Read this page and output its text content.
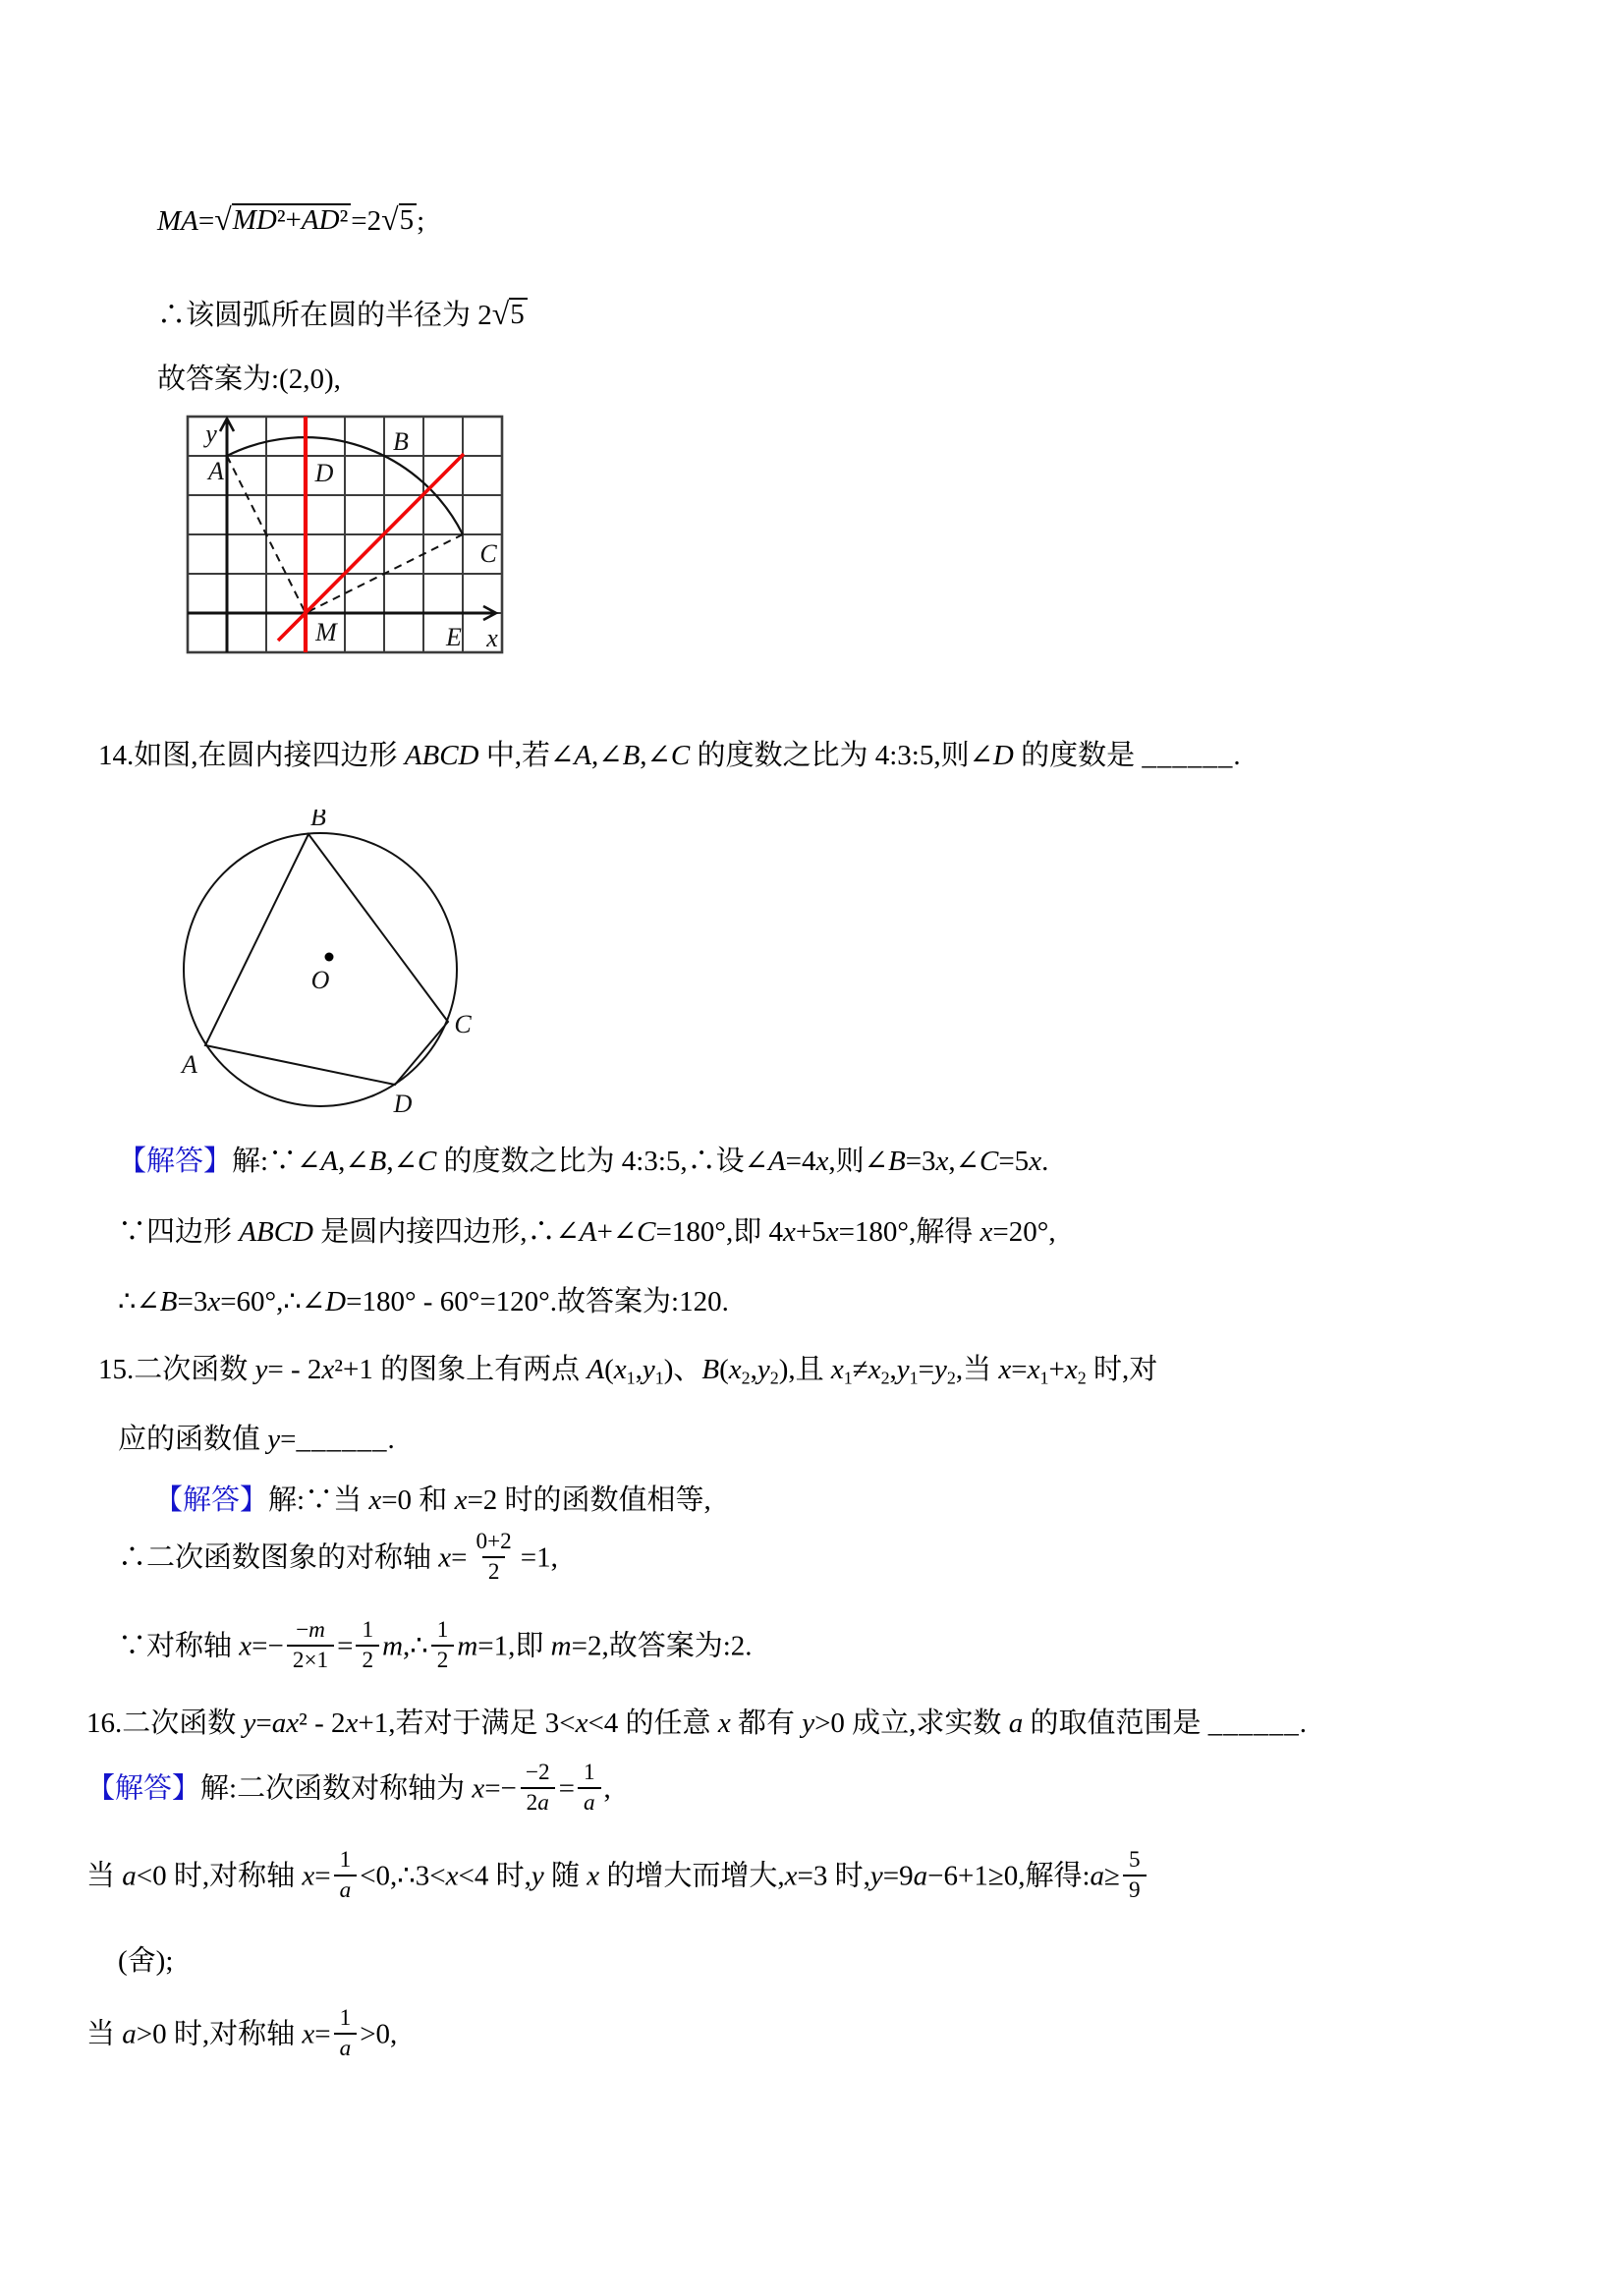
MA= √ MD²+AD² =2 √ 5 ;
∴该圆弧所在圆的半径为 2 √ 5
故答案为:(2,0),
y
x
A
B
C
D
M	E
14.如图,在圆内接四边形 ABCD 中,若∠A,∠B,∠C 的度数之比为 4:3:5,则∠D 的度数是 ______.
O
A
B
C
D
【解答】解:∵∠A,∠B,∠C 的度数之比为 4:3:5,∴设∠A=4x,则∠B=3x,∠C=5x.
∵四边形 ABCD 是圆内接四边形,∴∠A+∠C=180°,即 4x+5x=180°,解得 x=20°,
∴∠B=3x=60°,∴∠D=180° - 60°=120°.故答案为:120.
15.二次函数 y= - 2x²+1 的图象上有两点 $A(x_1,y_1)$、$B(x_2,y_2)$,且 $x_1\ne x_2,y_1=y_2$,当 $x=x_1+x_2$ 时,对
应的函数值 y=______.
【解答】解:∵当 x=0 和 x=2 时的函数值相等,
∴二次函数图象的对称轴 $x= \frac{0+2}{2} =1$,
∵对称轴 $x=- \frac{-m}{2\times 1} = \frac{1}{2}$ m,∴ $\frac{1}{2} m=1$,即 m=2,故答案为:2.
16.二次函数 y=ax² - 2x+1,若对于满足 3<x<4 的任意 x 都有 y>0 成立,求实数 a 的取值范围是 ______.
【解答】解:二次函数对称轴为 $x=- \frac{-2}{2a} = \frac{1}{a}$ ,
当 a<0 时,对称轴 $x= \frac{1}{a}$ <0,∴3<x<4 时,y 随 x 的增大而增大,x=3 时,y=9a−6+1≥0,解得:a≥ $\frac{5}{9}$
(舍);
当 a>0 时,对称轴 $x= \frac{1}{a} >0$,
